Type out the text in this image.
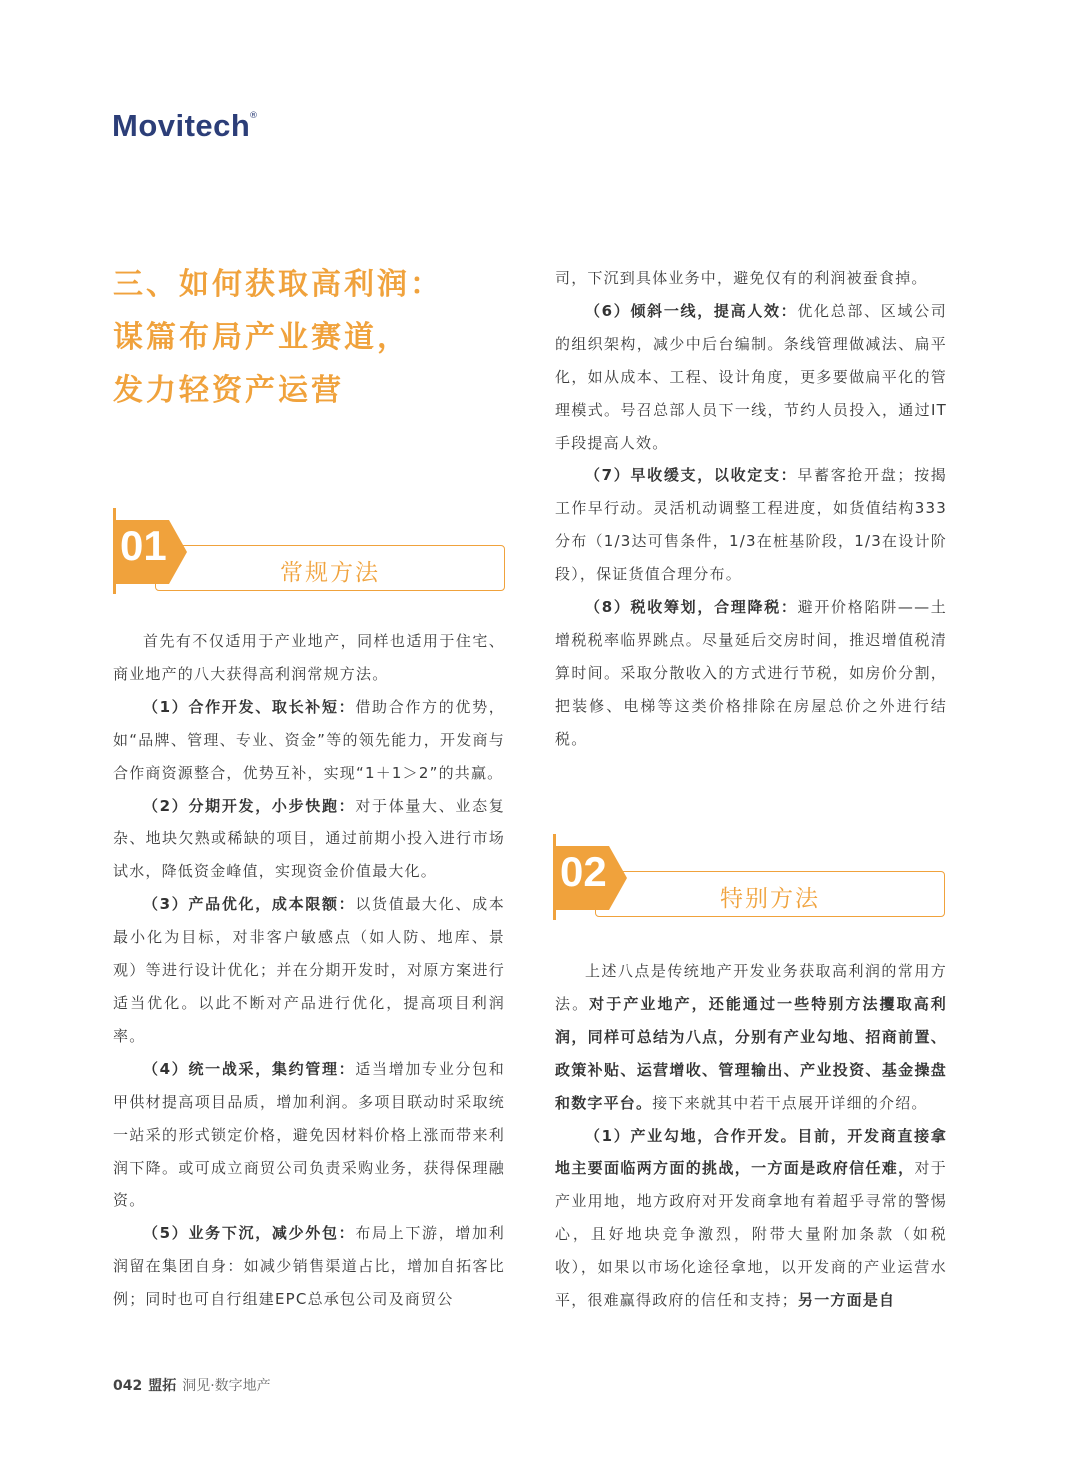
Movitech
®
三、如何获取高利润：
谋篇布局产业赛道，
发力轻资产运营
常规方法
01

首先有不仅适用于产业地产，同样也适用于住宅、商业地产的八大获得高利润常规方法。

（1）合作开发、取长补短：借助合作方的优势，如“品牌、管理、专业、资金”等的领先能力，开发商与合作商资源整合，优势互补，实现“1＋1＞2”的共赢。

（2）分期开发，小步快跑：对于体量大、业态复杂、地块欠熟或稀缺的项目，通过前期小投入进行市场试水，降低资金峰值，实现资金价值最大化。

（3）产品优化，成本限额：以货值最大化、成本最小化为目标，对非客户敏感点（如人防、地库、景观）等进行设计优化；并在分期开发时，对原方案进行适当优化。以此不断对产品进行优化，提高项目利润率。

（4）统一战采，集约管理：适当增加专业分包和甲供材提高项目品质，增加利润。多项目联动时采取统一站采的形式锁定价格，避免因材料价格上涨而带来利润下降。或可成立商贸公司负责采购业务，获得保理融资。

（5）业务下沉，减少外包：布局上下游，增加利润留在集团自身：如减少销售渠道占比，增加自拓客比例；同时也可自行组建EPC总承包公司及商贸公

司，下沉到具体业务中，避免仅有的利润被蚕食掉。

（6）倾斜一线，提高人效：优化总部、区域公司的组织架构，减少中后台编制。条线管理做减法、扁平化，如从成本、工程、设计角度，更多要做扁平化的管理模式。号召总部人员下一线，节约人员投入，通过IT手段提高人效。

（7）早收缓支，以收定支：早蓄客抢开盘；按揭工作早行动。灵活机动调整工程进度，如货值结构333分布（1/3达可售条件，1/3在桩基阶段，1/3在设计阶段），保证货值合理分布。

（8）税收筹划，合理降税：避开价格陷阱——土增税税率临界跳点。尽量延后交房时间，推迟增值税清算时间。采取分散收入的方式进行节税，如房价分割，把装修、电梯等这类价格排除在房屋总价之外进行结税。

特别方法
02

上述八点是传统地产开发业务获取高利润的常用方法。对于产业地产，还能通过一些特别方法攫取高利润，同样可总结为八点，分别有产业勾地、招商前置、政策补贴、运营增收、管理输出、产业投资、基金操盘和数字平台。接下来就其中若干点展开详细的介绍。

（1）产业勾地，合作开发。目前，开发商直接拿地主要面临两方面的挑战，一方面是政府信任难，对于产业用地，地方政府对开发商拿地有着超乎寻常的警惕心，且好地块竞争激烈，附带大量附加条款（如税收），如果以市场化途径拿地，以开发商的产业运营水平，很难赢得政府的信任和支持；另一方面是自

042 盟拓 洞见·数字地产
